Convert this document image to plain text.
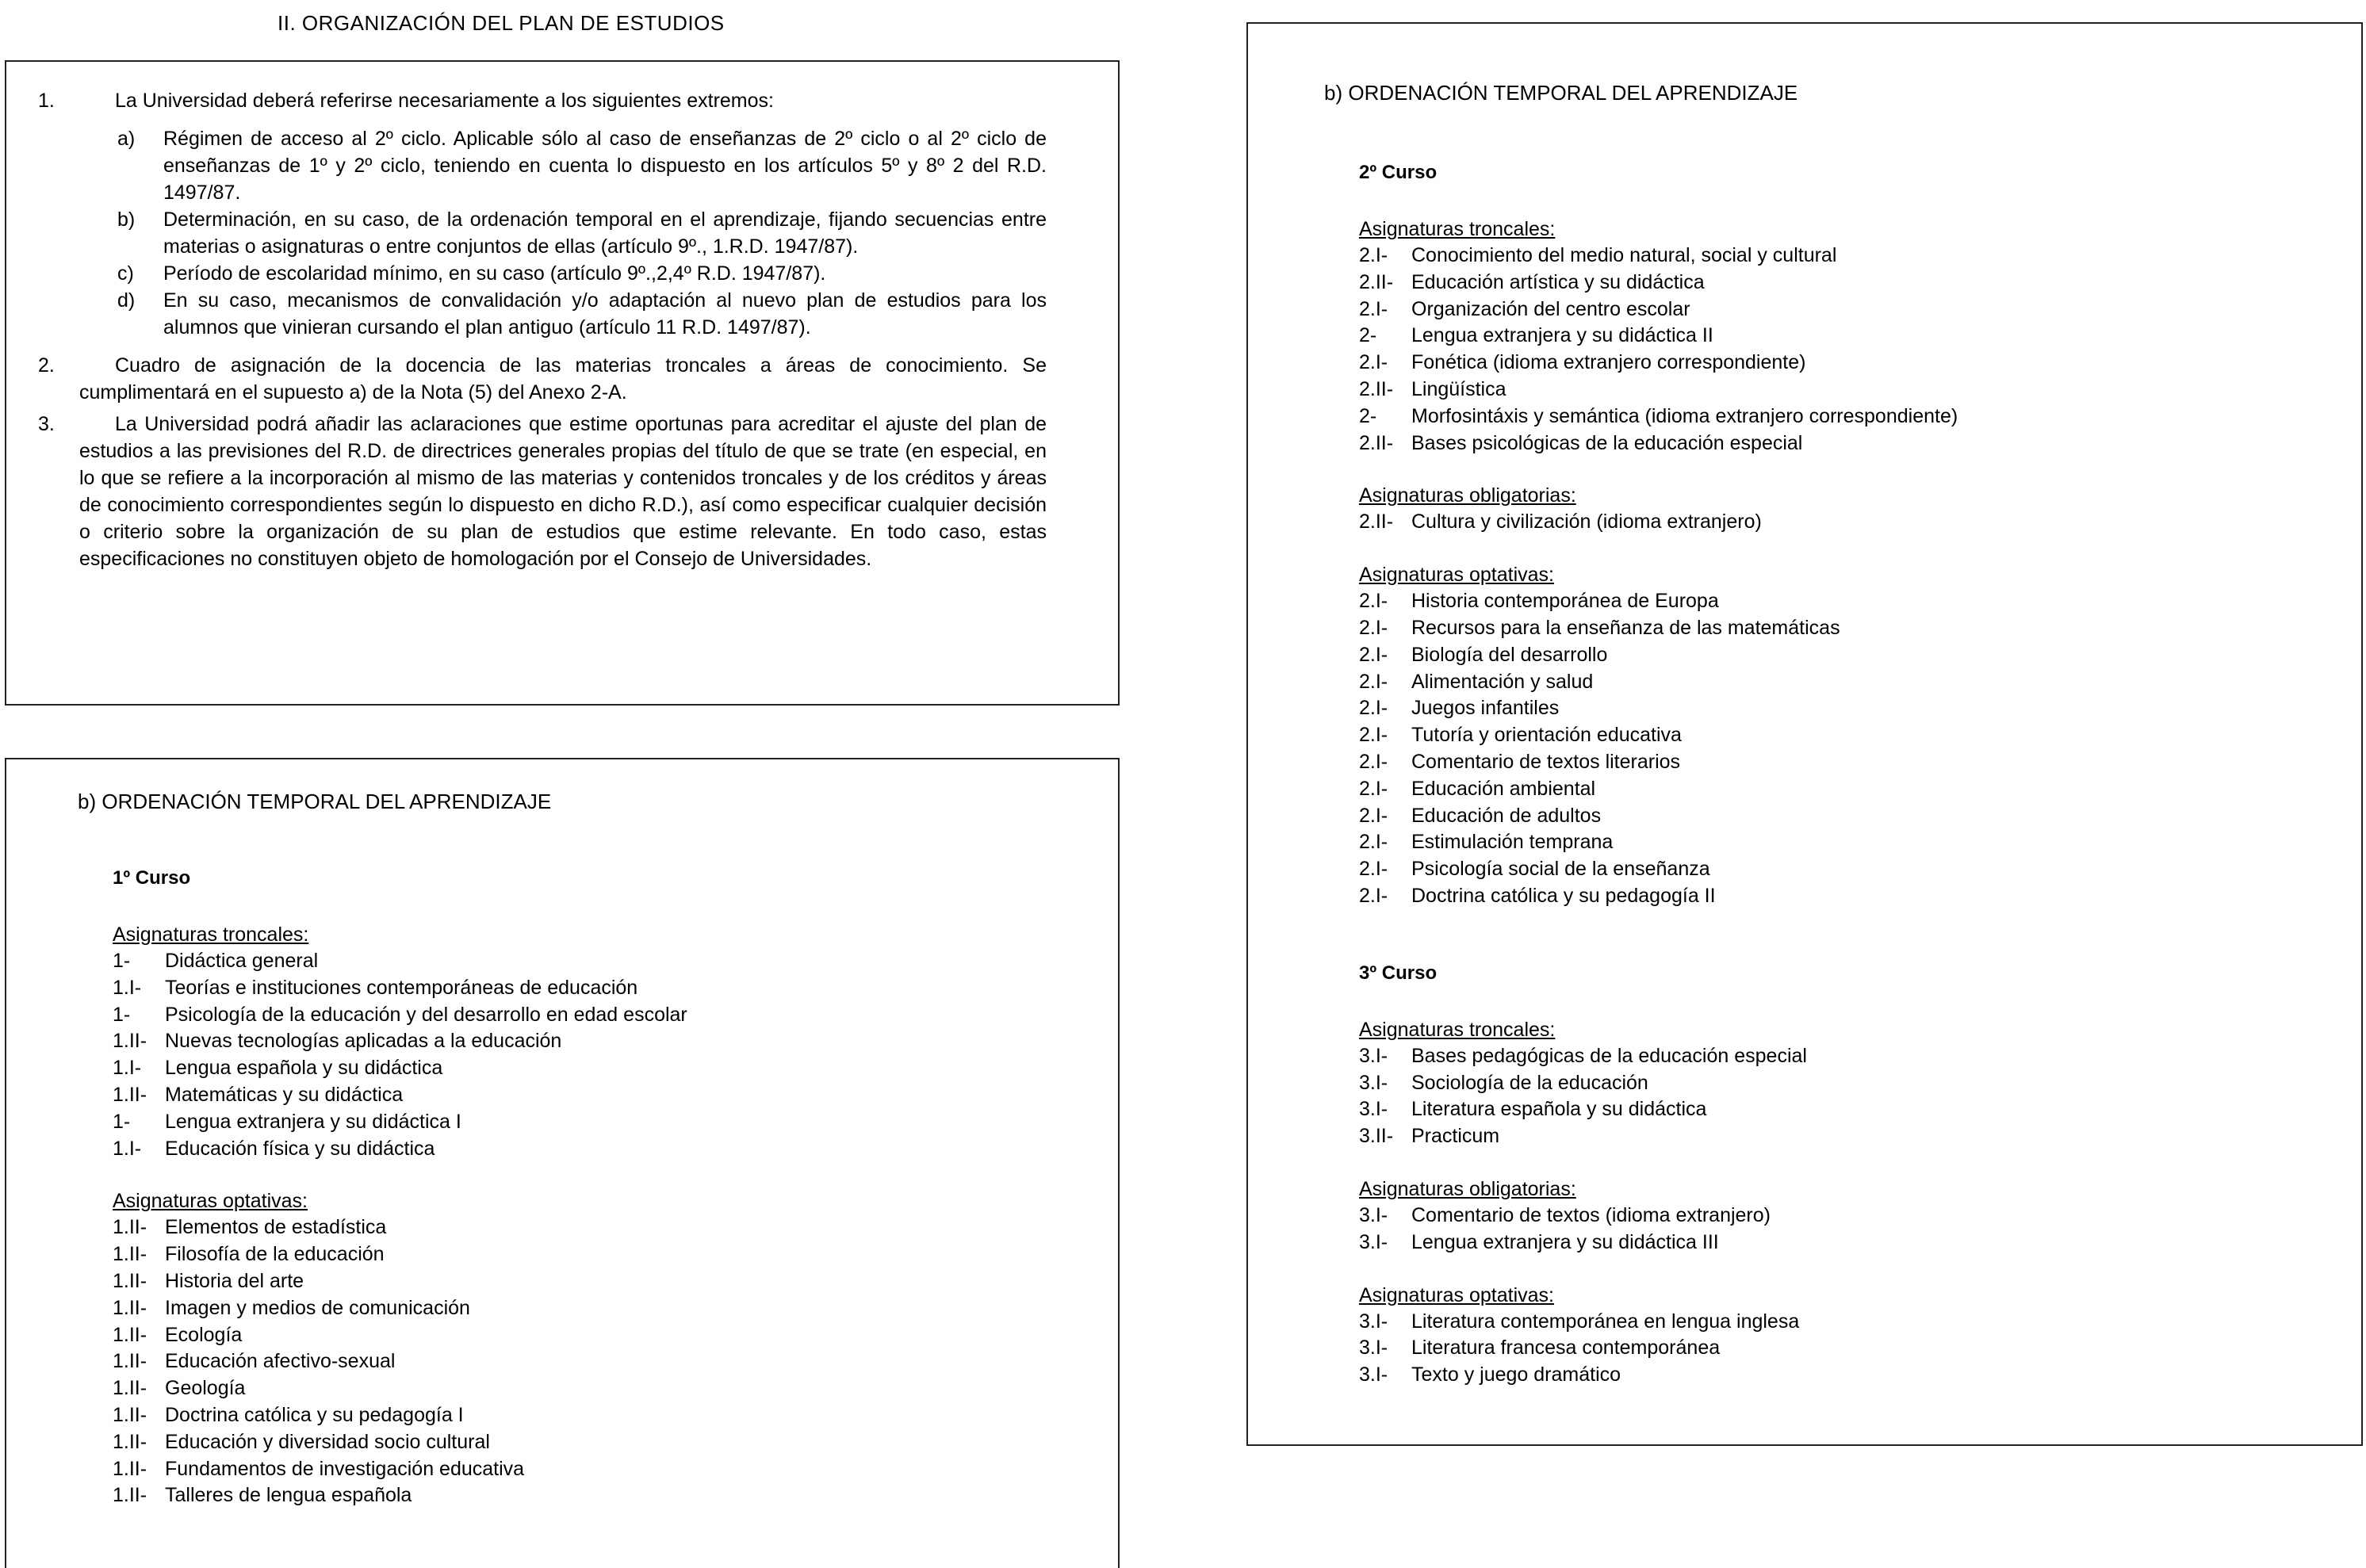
II. ORGANIZACIÓN DEL PLAN DE ESTUDIOS
1.	La Universidad deberá referirse necesariamente a los siguientes extremos:
a) Régimen de acceso al 2º ciclo. Aplicable sólo al caso de enseñanzas de 2º ciclo o al 2º ciclo de enseñanzas de 1º y 2º ciclo, teniendo en cuenta lo dispuesto en los artículos 5º y 8º 2 del R.D. 1497/87.
b) Determinación, en su caso, de la ordenación temporal en el aprendizaje, fijando secuencias entre materias o asignaturas o entre conjuntos de ellas (artículo 9º., 1.R.D. 1947/87).
c) Período de escolaridad mínimo, en su caso (artículo 9º.,2,4º R.D. 1947/87).
d) En su caso, mecanismos de convalidación y/o adaptación al nuevo plan de estudios para los alumnos que vinieran cursando el plan antiguo (artículo 11 R.D. 1497/87).
2.	Cuadro de asignación de la docencia de las materias troncales a áreas de conocimiento. Se cumplimentará en el supuesto a) de la Nota (5) del Anexo 2-A.
3.	La Universidad podrá añadir las aclaraciones que estime oportunas para acreditar el ajuste del plan de estudios a las previsiones del R.D. de directrices generales propias del título de que se trate (en especial, en lo que se refiere a la incorporación al mismo de las materias y contenidos troncales y de los créditos y áreas de conocimiento correspondientes según lo dispuesto en dicho R.D.), así como especificar cualquier decisión o criterio sobre la organización de su plan de estudios que estime relevante. En todo caso, estas especificaciones no constituyen objeto de homologación por el Consejo de Universidades.
b) ORDENACIÓN TEMPORAL DEL APRENDIZAJE
1º Curso
Asignaturas troncales:
1- Didáctica general
1.I- Teorías e instituciones contemporáneas de educación
1- Psicología de la educación y del desarrollo en edad escolar
1.II- Nuevas tecnologías aplicadas a la educación
1.I- Lengua española y su didáctica
1.II- Matemáticas y su didáctica
1- Lengua extranjera y su didáctica I
1.I- Educación física y su didáctica
Asignaturas optativas:
1.II- Elementos de estadística
1.II- Filosofía de la educación
1.II- Historia del arte
1.II- Imagen y medios de comunicación
1.II- Ecología
1.II- Educación afectivo-sexual
1.II- Geología
1.II- Doctrina católica y su pedagogía I
1.II- Educación y diversidad socio cultural
1.II- Fundamentos de investigación educativa
1.II- Talleres de lengua española
b) ORDENACIÓN TEMPORAL DEL APRENDIZAJE
2º Curso
Asignaturas troncales:
2.I- Conocimiento del medio natural, social y cultural
2.II- Educación artística y su didáctica
2.I- Organización del centro escolar
2- Lengua extranjera y su didáctica II
2.I- Fonética (idioma extranjero correspondiente)
2.II- Lingüística
2- Morfosintáxis y semántica (idioma extranjero correspondiente)
2.II- Bases psicológicas de la educación especial
Asignaturas obligatorias:
2.II- Cultura y civilización (idioma extranjero)
Asignaturas optativas:
2.I- Historia contemporánea de Europa
2.I- Recursos para la enseñanza de las matemáticas
2.I- Biología del desarrollo
2.I- Alimentación y salud
2.I- Juegos infantiles
2.I- Tutoría y orientación educativa
2.I- Comentario de textos literarios
2.I- Educación ambiental
2.I- Educación de adultos
2.I- Estimulación temprana
2.I- Psicología social de la enseñanza
2.I- Doctrina católica y su pedagogía II
3º Curso
Asignaturas troncales:
3.I- Bases pedagógicas de la educación especial
3.I- Sociología de la educación
3.I- Literatura española y su didáctica
3.II- Practicum
Asignaturas obligatorias:
3.I- Comentario de textos (idioma extranjero)
3.I- Lengua extranjera y su didáctica III
Asignaturas optativas:
3.I- Literatura contemporánea en lengua inglesa
3.I- Literatura francesa contemporánea
3.I- Texto y juego dramático
